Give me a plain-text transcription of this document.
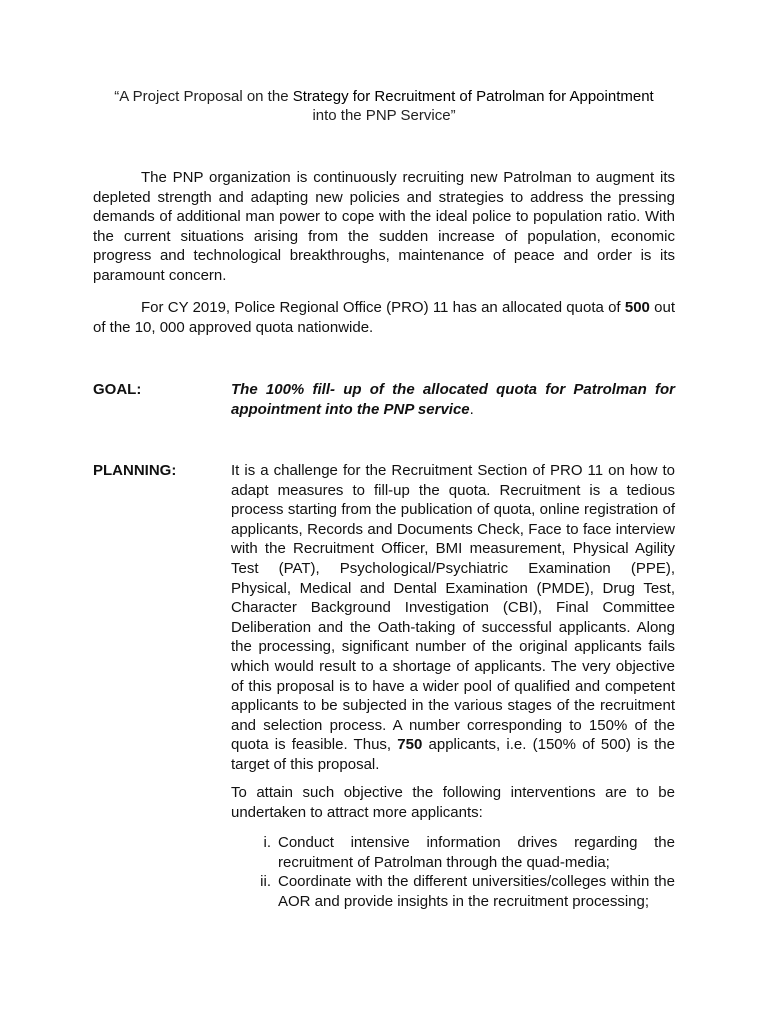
“A Project Proposal on the Strategy for Recruitment of Patrolman for Appointment
into the PNP Service”

The PNP organization is continuously recruiting new Patrolman to augment its depleted strength and adapting new policies and strategies to address the pressing demands of additional man power to cope with the ideal police to population ratio. With the current situations arising from the sudden increase of population, economic progress and technological breakthroughs, maintenance of peace and order is its paramount concern.

For CY 2019, Police Regional Office (PRO) 11 has an allocated quota of 500 out of the 10, 000 approved quota nationwide.

GOAL:	The 100% fill- up of the allocated quota for Patrolman for appointment into the PNP service.

PLANNING:	It is a challenge for the Recruitment Section of PRO 11 on how to adapt measures to fill-up the quota. Recruitment is a tedious process starting from the publication of quota, online registration of applicants, Records and Documents Check, Face to face interview with the Recruitment Officer, BMI measurement, Physical Agility Test (PAT), Psychological/Psychiatric Examination (PPE), Physical, Medical and Dental Examination (PMDE), Drug Test, Character Background Investigation (CBI), Final Committee Deliberation and the Oath-taking of successful applicants. Along the processing, significant number of the original applicants fails which would result to a shortage of applicants. The very objective of this proposal is to have a wider pool of qualified and competent applicants to be subjected in the various stages of the recruitment and selection process. A number corresponding to 150% of the quota is feasible. Thus, 750 applicants, i.e. (150% of 500) is the target of this proposal.

To attain such objective the following interventions are to be undertaken to attract more applicants:

i. Conduct intensive information drives regarding the recruitment of Patrolman through the quad-media;
ii. Coordinate with the different universities/colleges within the AOR and provide insights in the recruitment processing;
